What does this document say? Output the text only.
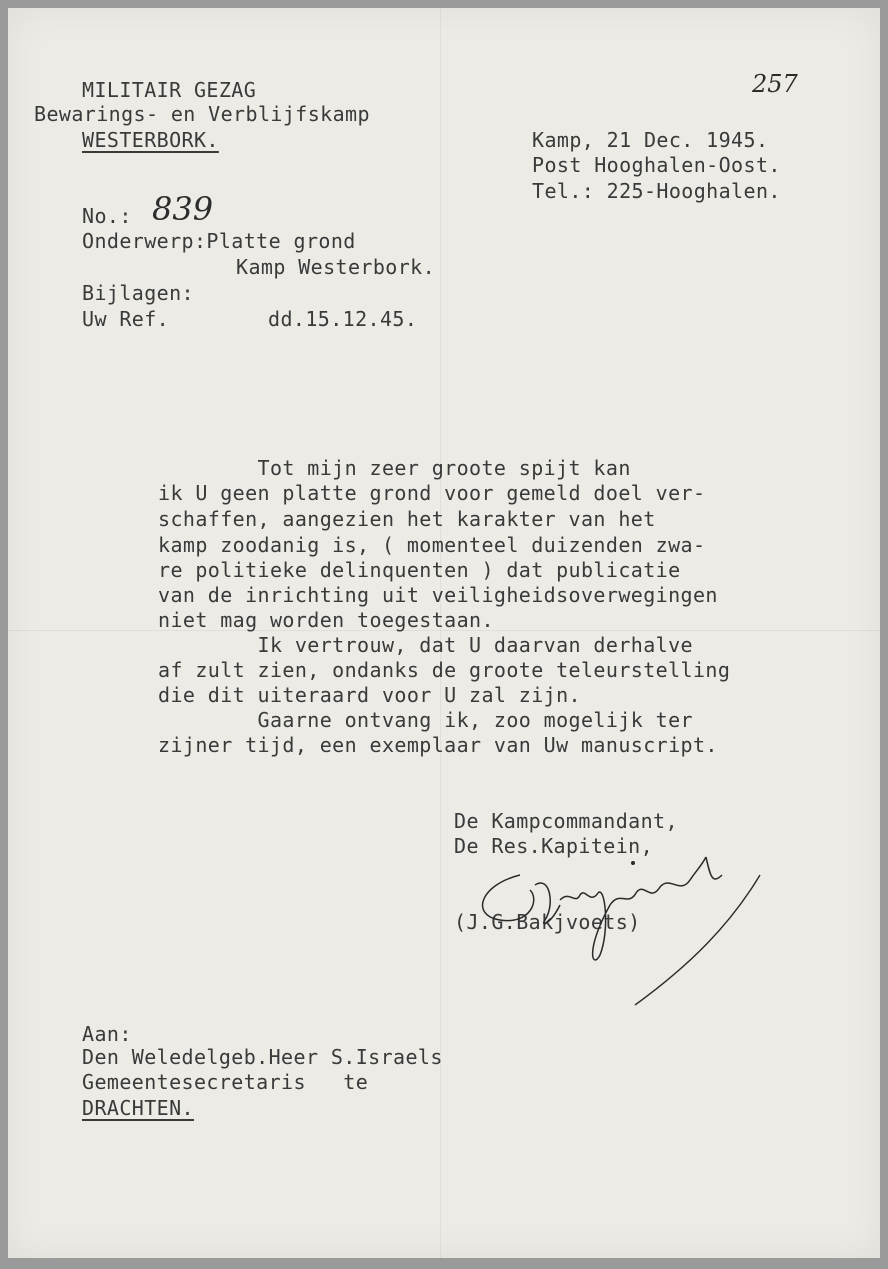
MILITAIR GEZAG
Bewarings- en Verblijfskamp
WESTERBORK.
257
Kamp, 21 Dec. 1945.
Post Hooghalen-Oost.
Tel.: 225-Hooghalen.
No.: 839
Onderwerp:Platte grond
Kamp Westerbork.
Bijlagen:
Uw Ref.	dd.15.12.45.
Tot mijn zeer groote spijt kan
ik U geen platte grond voor gemeld doel ver-
schaffen, aangezien het karakter van het
kamp zoodanig is, ( momenteel duizenden zwa-
re politieke delinquenten ) dat publicatie
van de inrichting uit veiligheidsoverwegingen
niet mag worden toegestaan.
Ik vertrouw, dat U daarvan derhalve
af zult zien, ondanks de groote teleurstelling
die dit uiteraard voor U zal zijn.
Gaarne ontvang ik, zoo mogelijk ter
zijner tijd, een exemplaar van Uw manuscript.
De Kampcommandant,
De Res.Kapitein,
(J.G.Bakjvoets)
Aan:
Den Weledelgeb.Heer S.Israels
Gemeentesecretaris   te
DRACHTEN.
